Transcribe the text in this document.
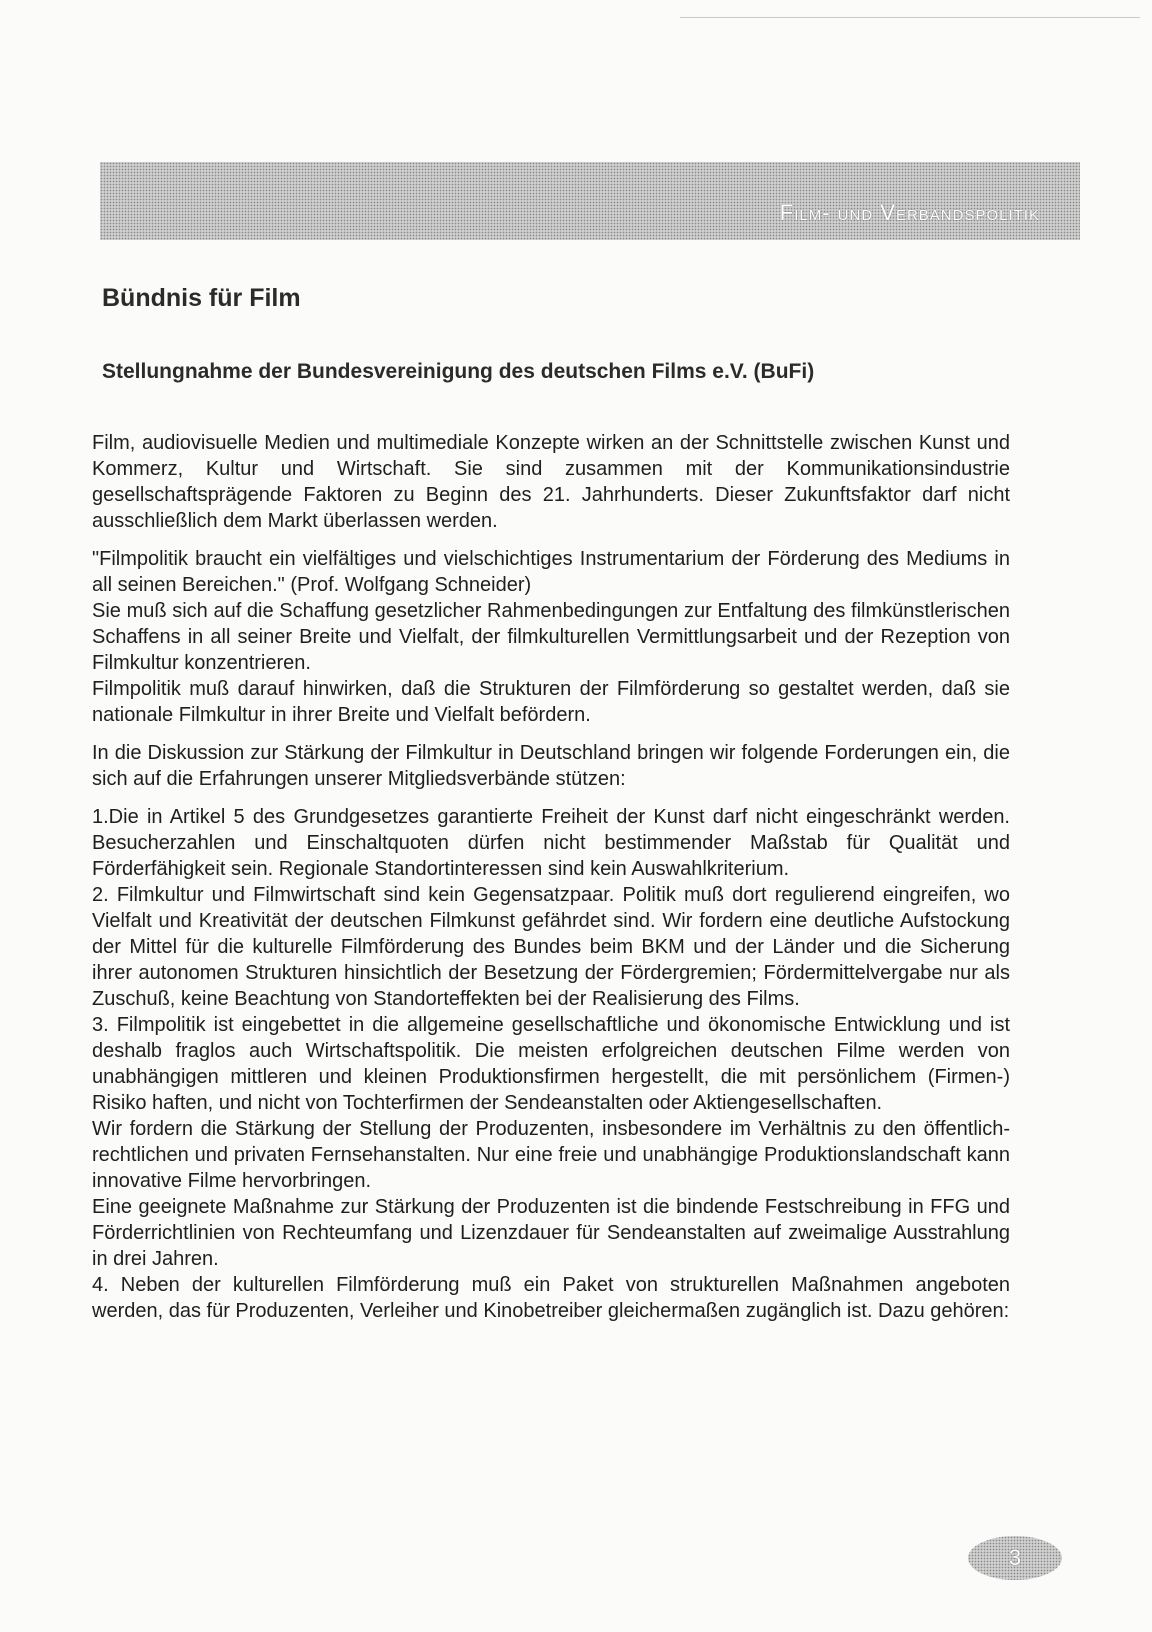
Film- und Verbandspolitik
Bündnis für Film
Stellungnahme der Bundesvereinigung des deutschen Films e.V. (BuFi)

Film, audiovisuelle Medien und multimediale Konzepte wirken an der Schnittstelle zwischen Kunst und Kommerz, Kultur und Wirtschaft. Sie sind zusammen mit der Kommunikationsindustrie gesellschaftsprägende Faktoren zu Beginn des 21. Jahrhunderts. Dieser Zukunftsfaktor darf nicht ausschließlich dem Markt überlassen werden.

"Filmpolitik braucht ein vielfältiges und vielschichtiges Instrumentarium der Förderung des Mediums in all seinen Bereichen." (Prof. Wolfgang Schneider)

Sie muß sich auf die Schaffung gesetzlicher Rahmenbedingungen zur Entfaltung des filmkünstlerischen Schaffens in all seiner Breite und Vielfalt, der filmkulturellen Vermittlungsarbeit und der Rezeption von Filmkultur konzentrieren.

Filmpolitik muß darauf hinwirken, daß die Strukturen der Filmförderung so gestaltet werden, daß sie nationale Filmkultur in ihrer Breite und Vielfalt befördern.

In die Diskussion zur Stärkung der Filmkultur in Deutschland bringen wir folgende Forderungen ein, die sich auf die Erfahrungen unserer Mitgliedsverbände stützen:

1.Die in Artikel 5 des Grundgesetzes garantierte Freiheit der Kunst darf nicht eingeschränkt werden. Besucherzahlen und Einschaltquoten dürfen nicht bestimmender Maßstab für Qualität und Förderfähigkeit sein. Regionale Standortinteressen sind kein Auswahlkriterium.

2. Filmkultur und Filmwirtschaft sind kein Gegensatzpaar. Politik muß dort regulierend eingreifen, wo Vielfalt und Kreativität der deutschen Filmkunst gefährdet sind. Wir fordern eine deutliche Aufstockung der Mittel für die kulturelle Filmförderung des Bundes beim BKM und der Länder und die Sicherung ihrer autonomen Strukturen hinsichtlich der Besetzung der Fördergremien; Fördermittelvergabe nur als Zuschuß, keine Beachtung von Standorteffekten bei der Realisierung des Films.

3. Filmpolitik ist eingebettet in die allgemeine gesellschaftliche und ökonomische Entwicklung und ist deshalb fraglos auch Wirtschaftspolitik. Die meisten erfolgreichen deutschen Filme werden von unabhängigen mittleren und kleinen Produktionsfirmen hergestellt, die mit persönlichem (Firmen-) Risiko haften, und nicht von Tochterfirmen der Sendeanstalten oder Aktiengesellschaften.

Wir fordern die Stärkung der Stellung der Produzenten, insbesondere im Verhältnis zu den öffentlich-rechtlichen und privaten Fernsehanstalten. Nur eine freie und unabhängige Produktionslandschaft kann innovative Filme hervorbringen.

Eine geeignete Maßnahme zur Stärkung der Produzenten ist die bindende Festschreibung in FFG und Förderrichtlinien von Rechteumfang und Lizenzdauer für Sendeanstalten auf zweimalige Ausstrahlung in drei Jahren.

4. Neben der kulturellen Filmförderung muß ein Paket von strukturellen Maßnahmen angeboten werden, das für Produzenten, Verleiher und Kinobetreiber gleichermaßen zugänglich ist. Dazu gehören:

3
